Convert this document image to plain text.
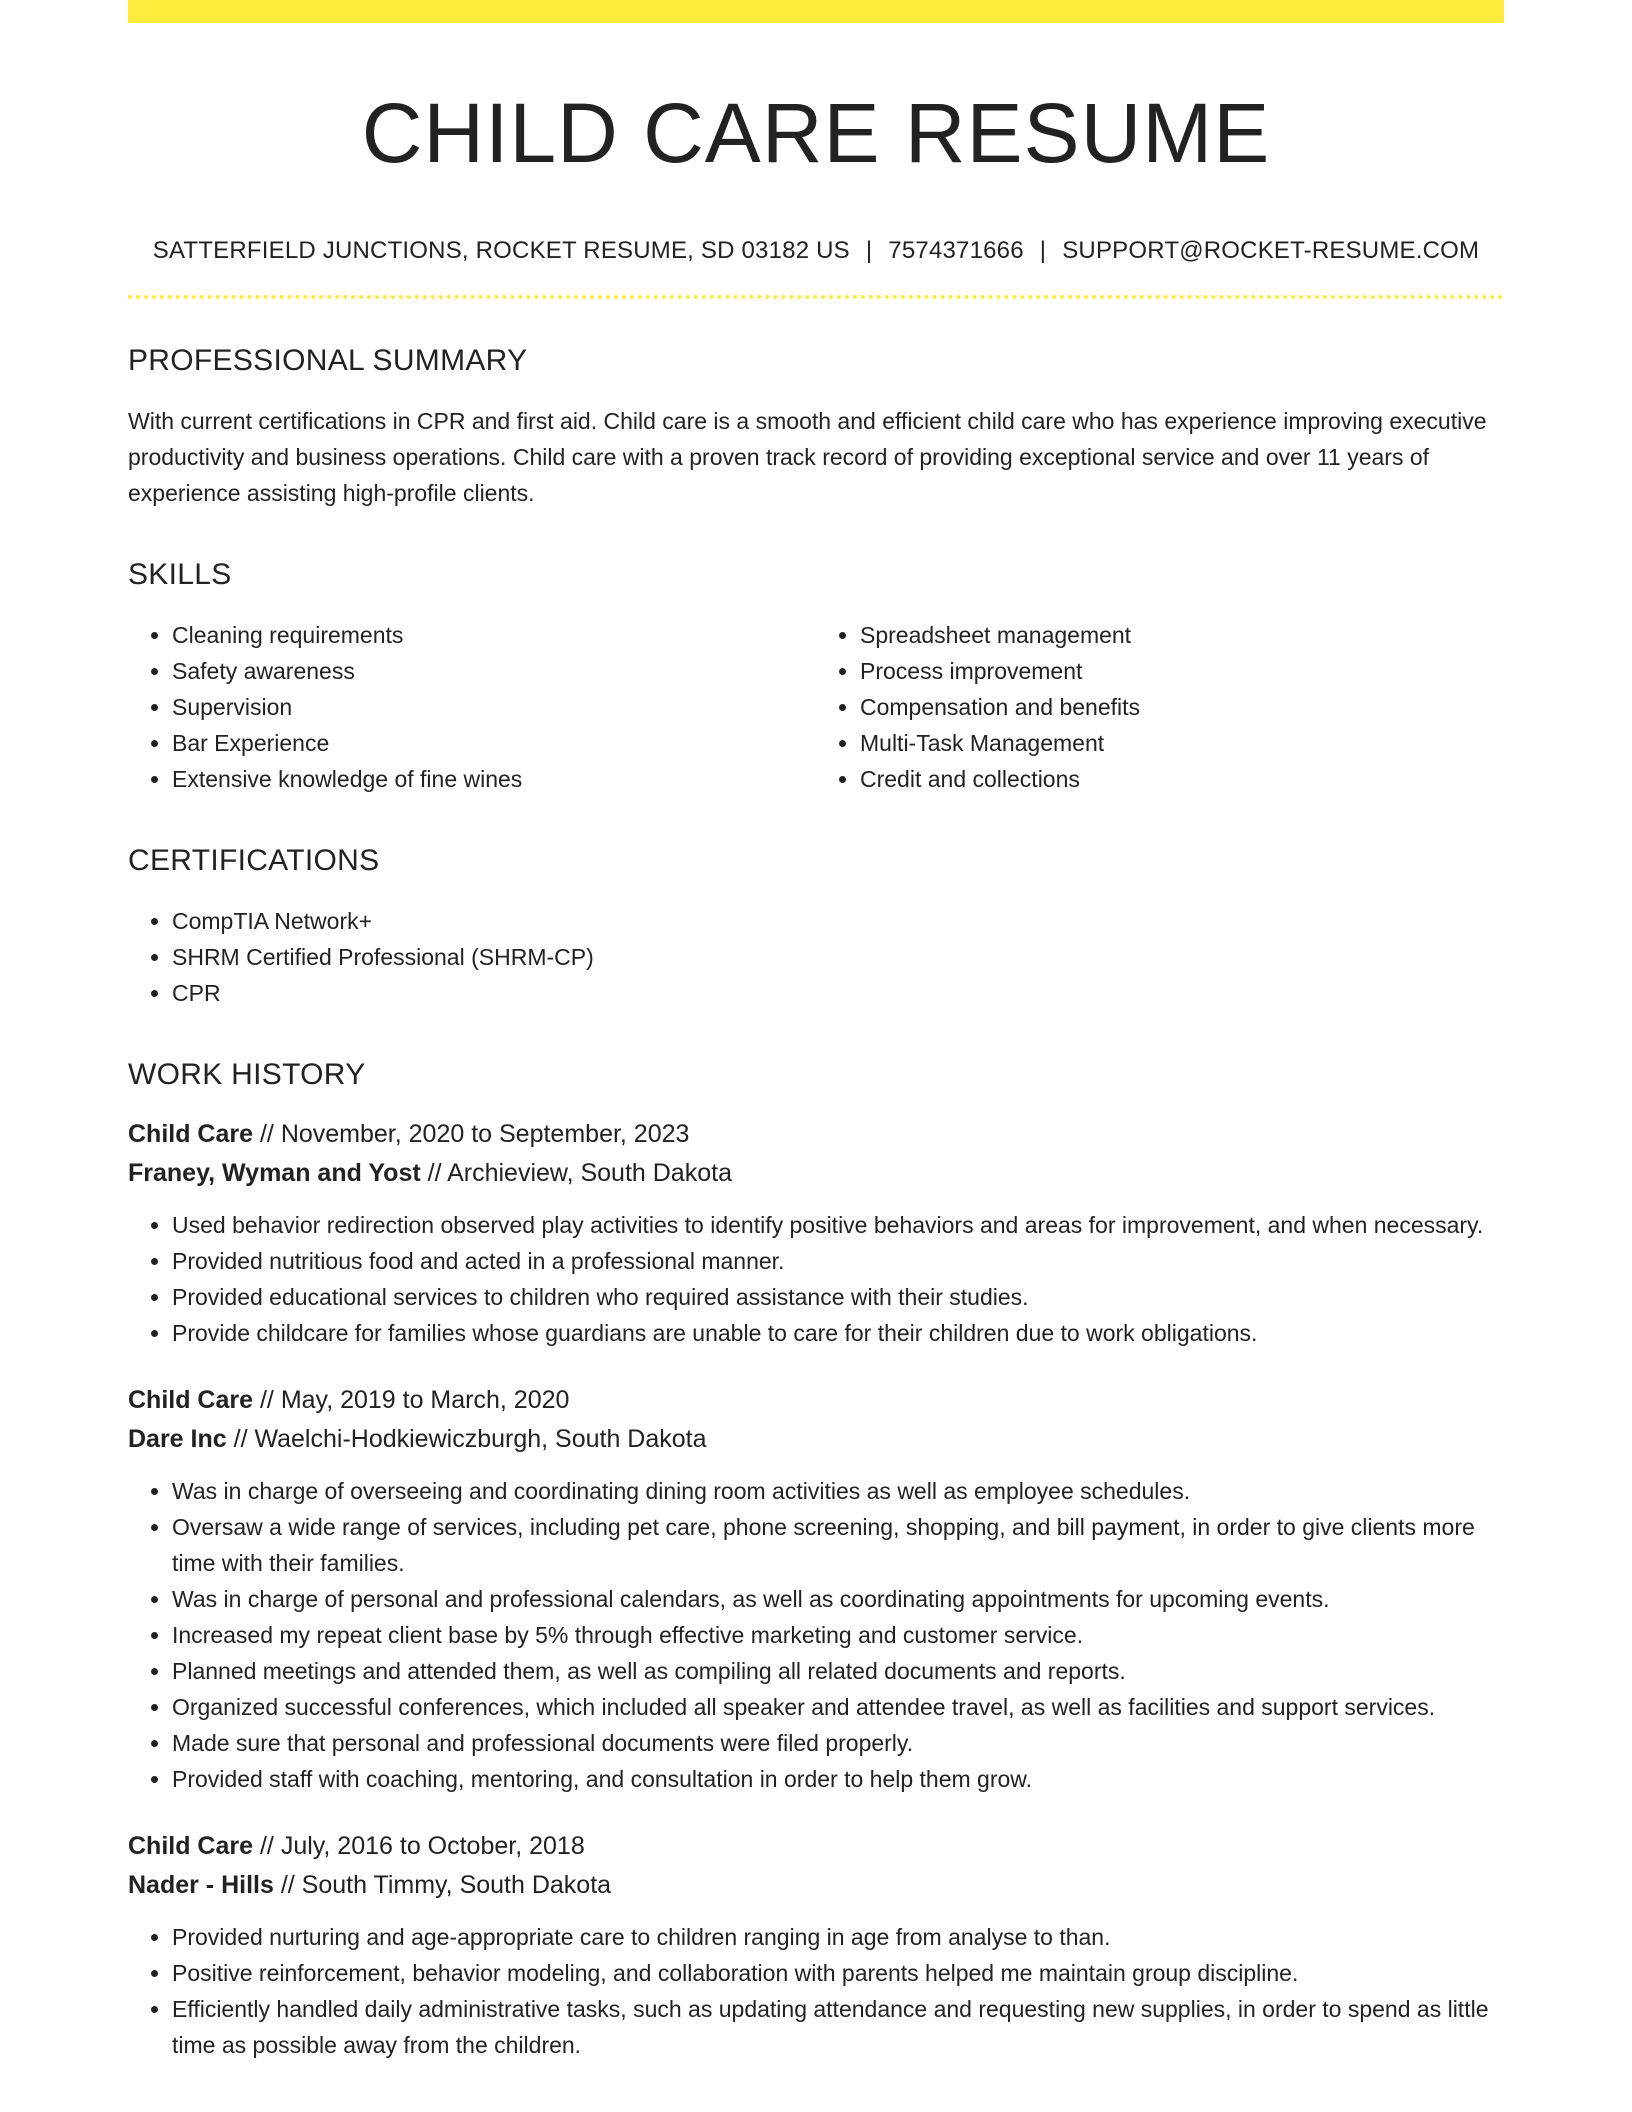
CHILD CARE RESUME
SATTERFIELD JUNCTIONS, ROCKET RESUME, SD 03182 US | 7574371666 | SUPPORT@ROCKET-RESUME.COM
PROFESSIONAL SUMMARY

With current certifications in CPR and first aid. Child care is a smooth and efficient child care who has experience improving executive productivity and business operations. Child care with a proven track record of providing exceptional service and over 11 years of experience assisting high-profile clients.

SKILLS
• Cleaning requirements
• Safety awareness
• Supervision
• Bar Experience
• Extensive knowledge of fine wines
• Spreadsheet management
• Process improvement
• Compensation and benefits
• Multi-Task Management
• Credit and collections
CERTIFICATIONS
• CompTIA Network+
• SHRM Certified Professional (SHRM-CP)
• CPR
WORK HISTORY
Child Care // November, 2020 to September, 2023
Franey, Wyman and Yost // Archieview, South Dakota
• Used behavior redirection observed play activities to identify positive behaviors and areas for improvement, and when necessary.
• Provided nutritious food and acted in a professional manner.
• Provided educational services to children who required assistance with their studies.
• Provide childcare for families whose guardians are unable to care for their children due to work obligations.
Child Care // May, 2019 to March, 2020
Dare Inc // Waelchi-Hodkiewiczburgh, South Dakota
• Was in charge of overseeing and coordinating dining room activities as well as employee schedules.
• Oversaw a wide range of services, including pet care, phone screening, shopping, and bill payment, in order to give clients more time with their families.
• Was in charge of personal and professional calendars, as well as coordinating appointments for upcoming events.
• Increased my repeat client base by 5% through effective marketing and customer service.
• Planned meetings and attended them, as well as compiling all related documents and reports.
• Organized successful conferences, which included all speaker and attendee travel, as well as facilities and support services.
• Made sure that personal and professional documents were filed properly.
• Provided staff with coaching, mentoring, and consultation in order to help them grow.
Child Care // July, 2016 to October, 2018
Nader - Hills // South Timmy, South Dakota
• Provided nurturing and age-appropriate care to children ranging in age from analyse to than.
• Positive reinforcement, behavior modeling, and collaboration with parents helped me maintain group discipline.
• Efficiently handled daily administrative tasks, such as updating attendance and requesting new supplies, in order to spend as little time as possible away from the children.
